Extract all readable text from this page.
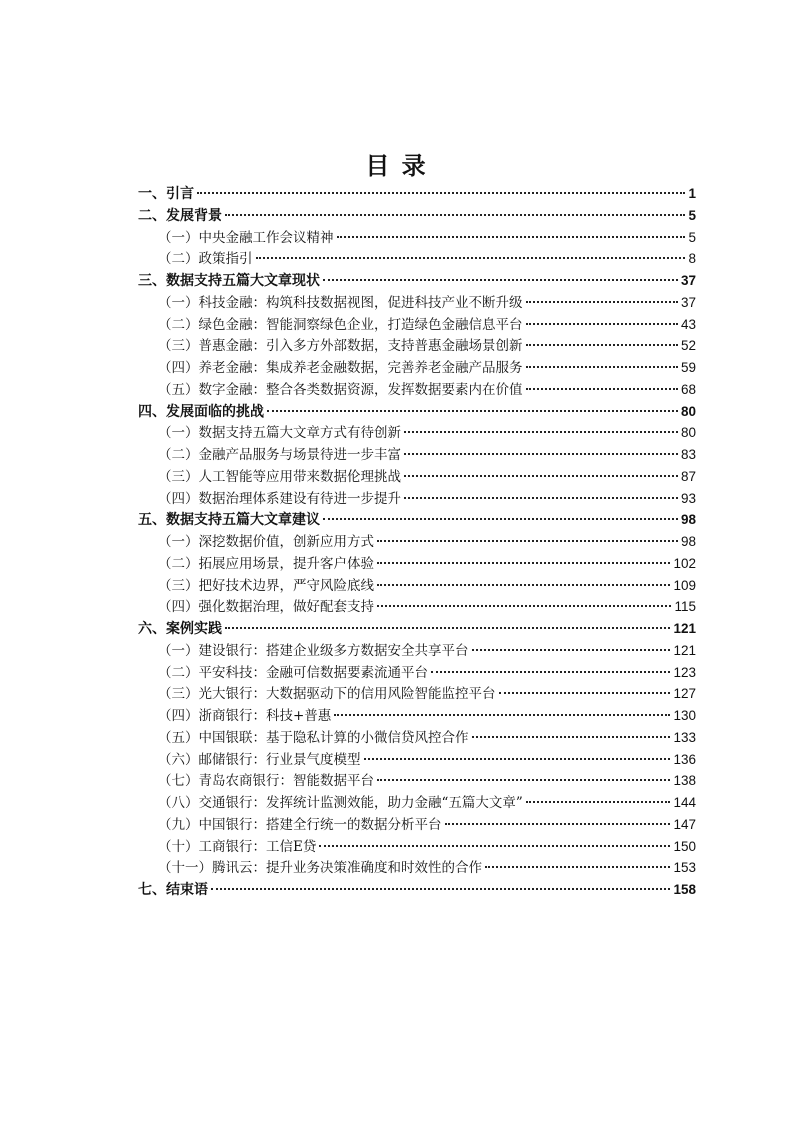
目 录
一、引言	1
二、发展背景	5
（一）中央金融工作会议精神	5
（二）政策指引	8
三、数据支持五篇大文章现状	37
（一）科技金融：构筑科技数据视图，促进科技产业不断升级	37
（二）绿色金融：智能洞察绿色企业，打造绿色金融信息平台	43
（三）普惠金融：引入多方外部数据，支持普惠金融场景创新	52
（四）养老金融：集成养老金融数据，完善养老金融产品服务	59
（五）数字金融：整合各类数据资源，发挥数据要素内在价值	68
四、发展面临的挑战	80
（一）数据支持五篇大文章方式有待创新	80
（二）金融产品服务与场景待进一步丰富	83
（三）人工智能等应用带来数据伦理挑战	87
（四）数据治理体系建设有待进一步提升	93
五、数据支持五篇大文章建议	98
（一）深挖数据价值，创新应用方式	98
（二）拓展应用场景，提升客户体验	102
（三）把好技术边界，严守风险底线	109
（四）强化数据治理，做好配套支持	115
六、案例实践	121
（一）建设银行：搭建企业级多方数据安全共享平台	121
（二）平安科技：金融可信数据要素流通平台	123
（三）光大银行：大数据驱动下的信用风险智能监控平台	127
（四）浙商银行：科技+普惠	130
（五）中国银联：基于隐私计算的小微信贷风控合作	133
（六）邮储银行：行业景气度模型	136
（七）青岛农商银行：智能数据平台	138
（八）交通银行：发挥统计监测效能，助力金融“五篇大文章”	144
（九）中国银行：搭建全行统一的数据分析平台	147
（十）工商银行：工信E贷	150
（十一）腾讯云：提升业务决策准确度和时效性的合作	153
七、结束语	158
